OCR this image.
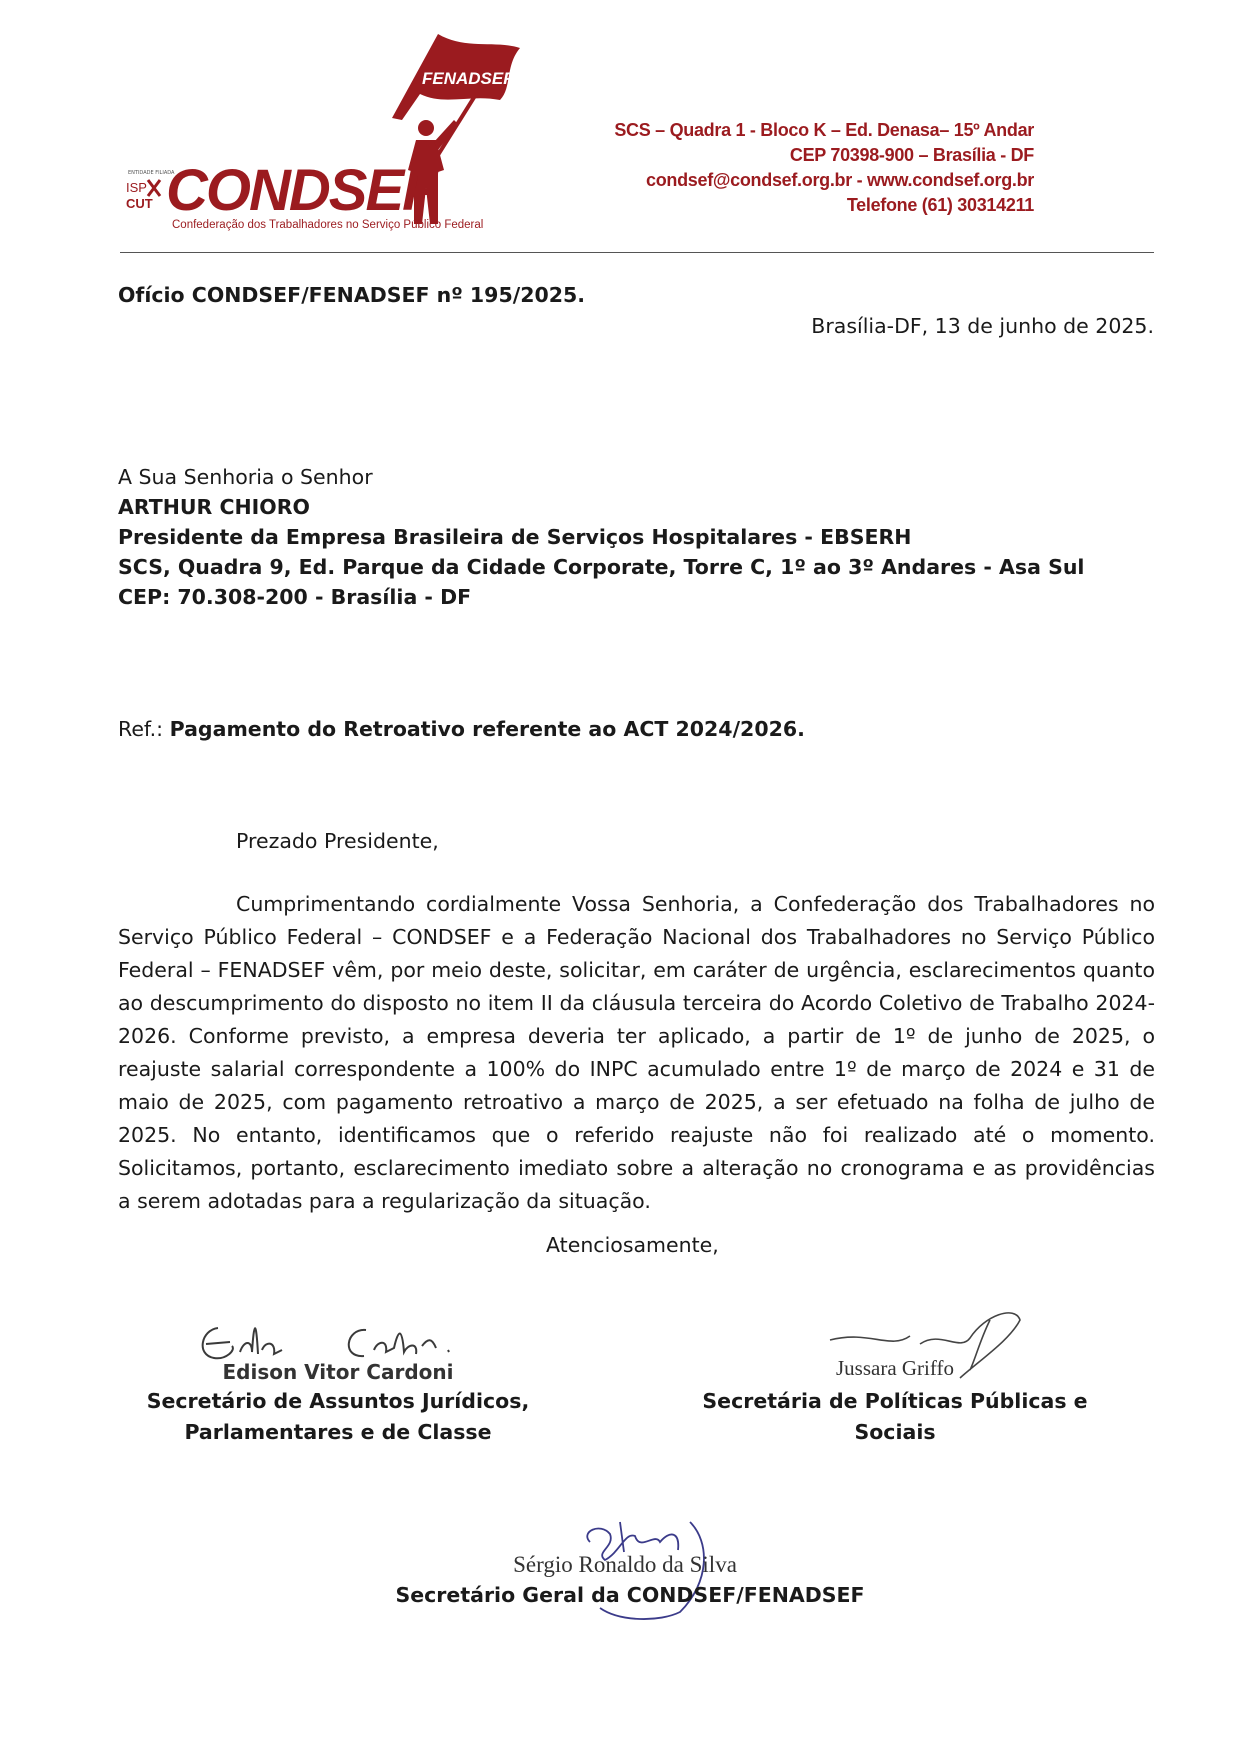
FENADSEF
ENTIDADE FILIADA
ISP
CUT CONDSEF
Confederação dos Trabalhadores no Serviço Público Federal
SCS – Quadra 1 - Bloco K – Ed. Denasa– 15º Andar
CEP 70398-900 – Brasília - DF
condsef@condsef.org.br - www.condsef.org.br
Telefone (61) 30314211
Ofício CONDSEF/FENADSEF nº 195/2025.
Brasília-DF, 13 de junho de 2025.
A Sua Senhoria o Senhor
ARTHUR CHIORO
Presidente da Empresa Brasileira de Serviços Hospitalares - EBSERH
SCS, Quadra 9, Ed. Parque da Cidade Corporate, Torre C, 1º ao 3º Andares - Asa Sul
CEP: 70.308-200 - Brasília - DF
Ref.: Pagamento do Retroativo referente ao ACT 2024/2026.
Prezado Presidente,
Cumprimentando cordialmente Vossa Senhoria, a Confederação dos Trabalhadores no Serviço Público Federal – CONDSEF e a Federação Nacional dos Trabalhadores no Serviço Público Federal – FENADSEF vêm, por meio deste, solicitar, em caráter de urgência, esclarecimentos quanto ao descumprimento do disposto no item II da cláusula terceira do Acordo Coletivo de Trabalho 2024-2026. Conforme previsto, a empresa deveria ter aplicado, a partir de 1º de junho de 2025, o reajuste salarial correspondente a 100% do INPC acumulado entre 1º de março de 2024 e 31 de maio de 2025, com pagamento retroativo a março de 2025, a ser efetuado na folha de julho de 2025. No entanto, identificamos que o referido reajuste não foi realizado até o momento. Solicitamos, portanto, esclarecimento imediato sobre a alteração no cronograma e as providências a serem adotadas para a regularização da situação.
Atenciosamente,
Edison Vitor Cardoni
Secretário de Assuntos Jurídicos,
Parlamentares e de Classe
Jussara Griffo
Secretária de Políticas Públicas e Sociais
Sérgio Ronaldo da Silva
Secretário Geral da CONDSEF/FENADSEF
